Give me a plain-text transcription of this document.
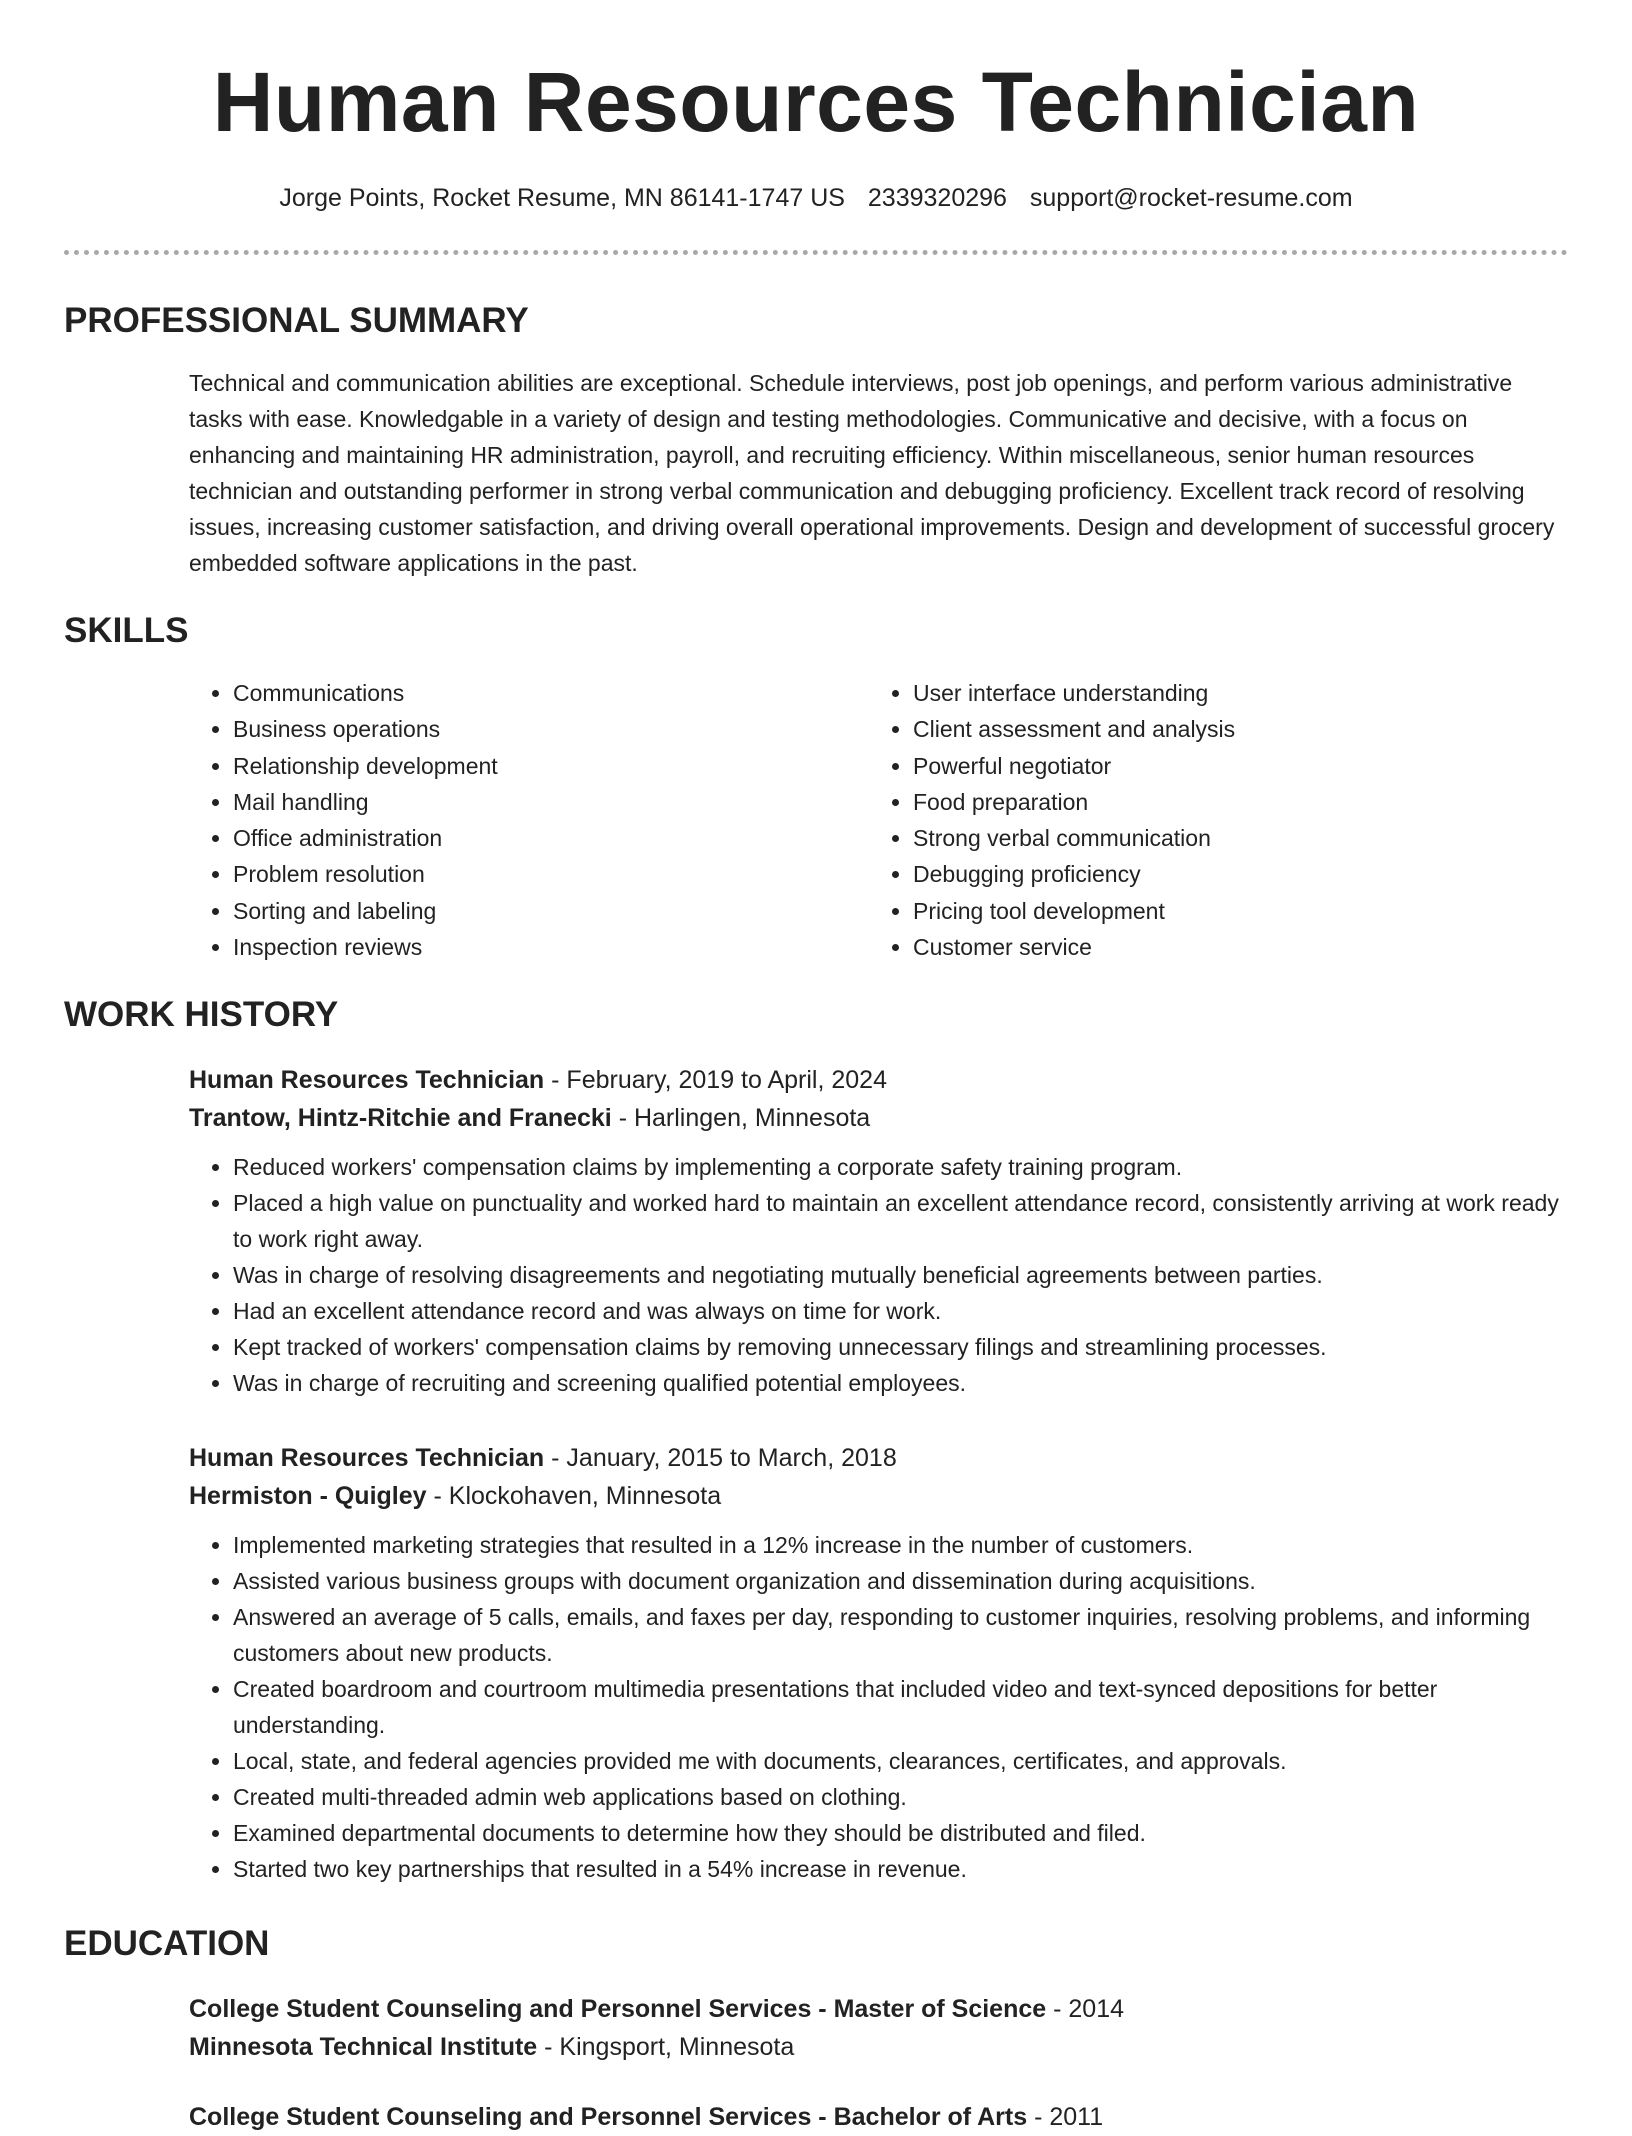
Human Resources Technician
Jorge Points, Rocket Resume, MN 86141-1747 US 2339320296 support@rocket-resume.com
PROFESSIONAL SUMMARY
Technical and communication abilities are exceptional. Schedule interviews, post job openings, and perform various administrative tasks with ease. Knowledgable in a variety of design and testing methodologies. Communicative and decisive, with a focus on enhancing and maintaining HR administration, payroll, and recruiting efficiency. Within miscellaneous, senior human resources technician and outstanding performer in strong verbal communication and debugging proficiency. Excellent track record of resolving issues, increasing customer satisfaction, and driving overall operational improvements. Design and development of successful grocery embedded software applications in the past.
SKILLS
• Communications
• Business operations
• Relationship development
• Mail handling
• Office administration
• Problem resolution
• Sorting and labeling
• Inspection reviews
• User interface understanding
• Client assessment and analysis
• Powerful negotiator
• Food preparation
• Strong verbal communication
• Debugging proficiency
• Pricing tool development
• Customer service
WORK HISTORY
Human Resources Technician - February, 2019 to April, 2024
Trantow, Hintz-Ritchie and Franecki - Harlingen, Minnesota
• Reduced workers' compensation claims by implementing a corporate safety training program.
• Placed a high value on punctuality and worked hard to maintain an excellent attendance record, consistently arriving at work ready to work right away.
• Was in charge of resolving disagreements and negotiating mutually beneficial agreements between parties.
• Had an excellent attendance record and was always on time for work.
• Kept tracked of workers' compensation claims by removing unnecessary filings and streamlining processes.
• Was in charge of recruiting and screening qualified potential employees.
Human Resources Technician - January, 2015 to March, 2018
Hermiston - Quigley - Klockohaven, Minnesota
• Implemented marketing strategies that resulted in a 12% increase in the number of customers.
• Assisted various business groups with document organization and dissemination during acquisitions.
• Answered an average of 5 calls, emails, and faxes per day, responding to customer inquiries, resolving problems, and informing customers about new products.
• Created boardroom and courtroom multimedia presentations that included video and text-synced depositions for better understanding.
• Local, state, and federal agencies provided me with documents, clearances, certificates, and approvals.
• Created multi-threaded admin web applications based on clothing.
• Examined departmental documents to determine how they should be distributed and filed.
• Started two key partnerships that resulted in a 54% increase in revenue.
EDUCATION
College Student Counseling and Personnel Services - Master of Science - 2014
Minnesota Technical Institute - Kingsport, Minnesota
College Student Counseling and Personnel Services - Bachelor of Arts - 2011
